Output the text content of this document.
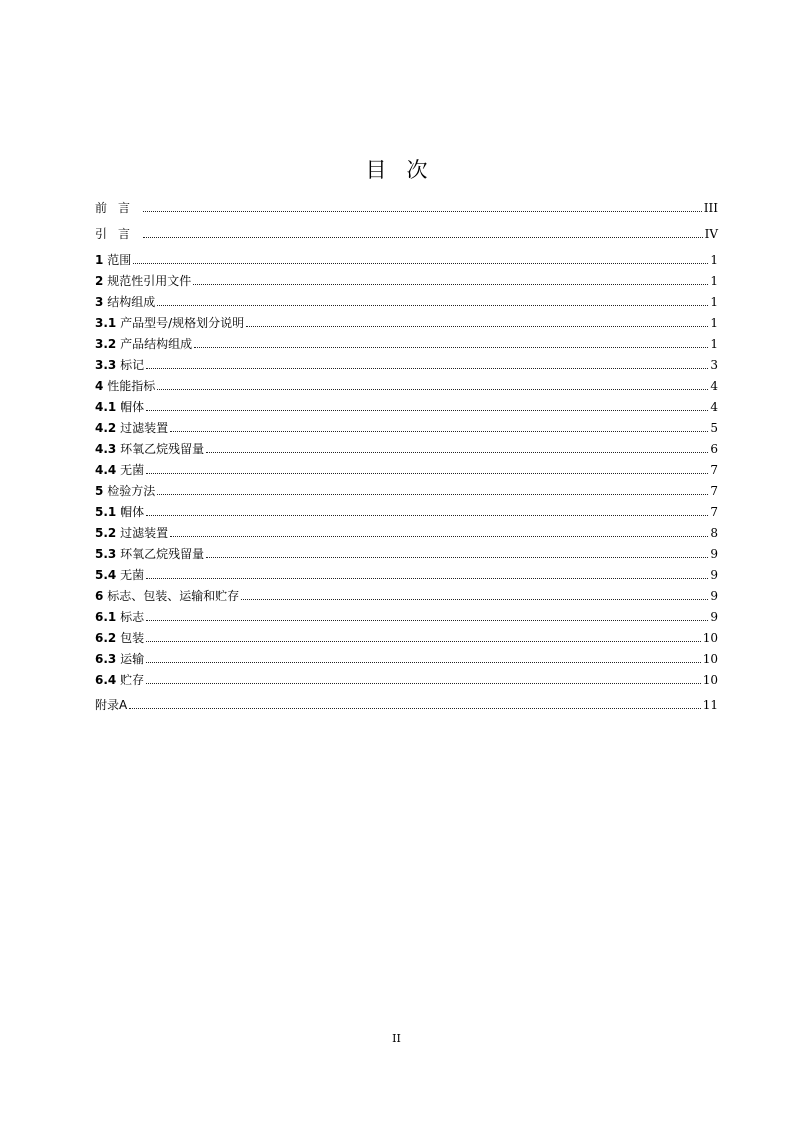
目 次
前言	III
引言	IV
1 范围	1
2 规范性引用文件	1
3 结构组成	1
3.1 产品型号/规格划分说明	1
3.2 产品结构组成	1
3.3 标记	3
4 性能指标	4
4.1 帽体	4
4.2 过滤装置	5
4.3 环氧乙烷残留量	6
4.4 无菌	7
5 检验方法	7
5.1 帽体	7
5.2 过滤装置	8
5.3 环氧乙烷残留量	9
5.4 无菌	9
6 标志、包装、运输和贮存	9
6.1 标志	9
6.2 包装	10
6.3 运输	10
6.4 贮存	10
附录A	11
II
